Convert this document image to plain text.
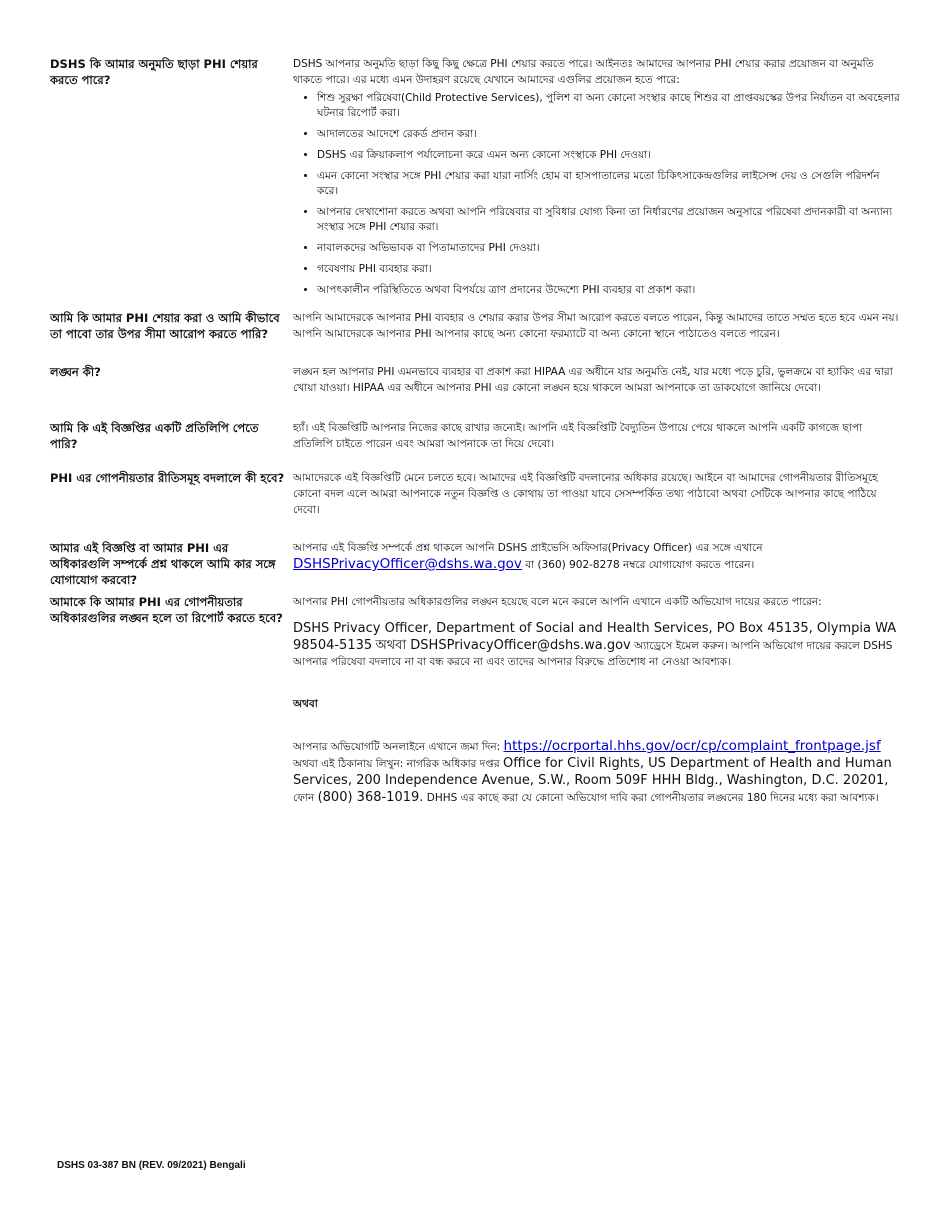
DSHS কি আমার অনুমতি ছাড়া PHI শেয়ার করতে পারে?
DSHS আপনার অনুমতি ছাড়া কিছু কিছু ক্ষেত্রে PHI শেয়ার করতে পারে। আইনতঃ আমাদের আপনার PHI শেয়ার করার প্রয়োজন বা অনুমতি থাকতে পারে। এর মধ্যে এমন উদাহরণ রয়েছে যেখানে আমাদের এগুলির প্রয়োজন হতে পারে:
• শিশু সুরক্ষা পরিষেবা(Child Protective Services), পুলিশ বা অন্য কোনো সংস্থার কাছে শিশুর বা প্রাপ্তবয়স্কের উপর নির্যাতন বা অবহেলার ঘটনার রিপোর্ট করা।
• আদালতের আদেশে রেকর্ড প্রদান করা।
• DSHS এর ক্রিয়াকলাপ পর্যালোচনা করে এমন অন্য কোনো সংস্থাকে PHI দেওয়া।
• এমন কোনো সংস্থার সঙ্গে PHI শেয়ার করা যারা নার্সিং হোম বা হাসপাতালের মতো চিকিৎসাকেন্দ্রগুলির লাইসেন্স দেয় ও সেগুলি পরিদর্শন করে।
• আপনার দেখাশোনা করতে অথবা আপনি পরিষেবার বা সুবিধার যোগ্য কিনা তা নির্ধারণের প্রয়োজন অনুসারে পরিষেবা প্রদানকারী বা অন্যান্য সংস্থার সঙ্গে PHI শেয়ার করা।
• নাবালকদের অভিভাবক বা পিতামাতাদের PHI দেওয়া।
• গবেষণায় PHI ব্যবহার করা।
• আপৎকালীন পরিস্থিতিতে অথবা বিপর্যয়ে ত্রাণ প্রদানের উদ্দেশ্যে PHI ব্যবহার বা প্রকাশ করা।
আমি কি আমার PHI শেয়ার করা ও আমি কীভাবে তা পাবো তার উপর সীমা আরোপ করতে পারি?
আপনি আমাদেরকে আপনার PHI ব্যবহার ও শেয়ার করার উপর সীমা আরোপ করতে বলতে পারেন, কিন্তু আমাদের তাতে সম্মত হতে হবে এমন নয়। আপনি আমাদেরকে আপনার PHI আপনার কাছে অন্য কোনো ফরম্যাটে বা অন্য কোনো স্থানে পাঠাতেও বলতে পারেন।
লঙ্ঘন কী?	লঙ্ঘন হল আপনার PHI এমনভাবে ব্যবহার বা প্রকাশ করা HIPAA এর অধীনে যার অনুমতি নেই, যার মধ্যে পড়ে চুরি, ভুলক্রমে বা হ্যাকিং এর দ্বারা খোয়া যাওয়া। HIPAA এর অধীনে আপনার PHI এর কোনো লঙ্ঘন হয়ে থাকলে আমরা আপনাকে তা ডাকযোগে জানিয়ে দেবো।
আমি কি এই বিজ্ঞপ্তির একটি প্রতিলিপি পেতে পারি?
হ্যাঁ। এই বিজ্ঞপ্তিটি আপনার নিজের কাছে রাখার জন্যেই। আপনি এই বিজ্ঞপ্তিটি বৈদ্যুতিন উপায়ে পেয়ে থাকলে আপনি একটি কাগজে ছাপা প্রতিলিপি চাইতে পারেন এবং আমরা আপনাকে তা দিয়ে দেবো।
PHI এর গোপনীয়তার রীতিসমূহ বদলালে কী হবে? আমাদেরকে এই বিজ্ঞপ্তিটি মেনে চলতে হবে। আমাদের এই বিজ্ঞপ্তিটি বদলানোর অধিকার রয়েছে। আইনে বা আমাদের গোপনীয়তার রীতিসমূহে কোনো বদল এলে আমরা আপনাকে নতুন বিজ্ঞপ্তি ও কোথায় তা পাওয়া যাবে সেসম্পর্কিত তথ্য পাঠাবো অথবা সেটিকে আপনার কাছে পাঠিয়ে দেবো।
আমার এই বিজ্ঞপ্তি বা আমার PHI এর অধিকারগুলি সম্পর্কে প্রশ্ন থাকলে আমি কার সঙ্গে যোগাযোগ করবো?
আপনার এই বিজ্ঞপ্তি সম্পর্কে প্রশ্ন থাকলে আপনি DSHS প্রাইভেসি অফিসার(Privacy Officer) এর সঙ্গে এখানে
DSHSPrivacyOfficer@dshs.wa.gov বা (360) 902-8278 নম্বরে যোগাযোগ করতে পারেন।
আমাকে কি আমার PHI এর গোপনীয়তার অধিকারগুলির লঙ্ঘন হলে তা রিপোর্ট করতে হবে?
আপনার PHI গোপনীয়তার অধিকারগুলির লঙ্ঘন হয়েছে বলে মনে করলে আপনি এখানে একটি অভিযোগ দায়ের করতে পারেন:
DSHS Privacy Officer, Department of Social and Health Services, PO Box 45135, Olympia WA 98504-5135 অথবা DSHSPrivacyOfficer@dshs.wa.gov অ্যাড্রেসে ইমেল করুন। আপনি অভিযোগ দায়ের করলে DSHS আপনার পরিষেবা বদলাবে না বা বন্ধ করবে না এবং তাদের আপনার বিরুদ্ধে প্রতিশোধ না নেওয়া আবশ্যক।
অথবা
আপনার অভিযোগটি অনলাইনে এখানে জমা দিন: https://ocrportal.hhs.gov/ocr/cp/complaint_frontpage.jsf অথবা এই ঠিকানায় লিখুন: নাগরিক অধিকার দপ্তর Office for Civil Rights, US Department of Health and Human Services, 200 Independence Avenue, S.W., Room 509F HHH Bldg., Washington, D.C. 20201, ফোন (800) 368-1019. DHHS এর কাছে করা যে কোনো অভিযোগ দাবি করা গোপনীয়তার লঙ্ঘনের 180 দিনের মধ্যে করা আবশ্যক।
DSHS 03-387 BN (REV. 09/2021) Bengali
